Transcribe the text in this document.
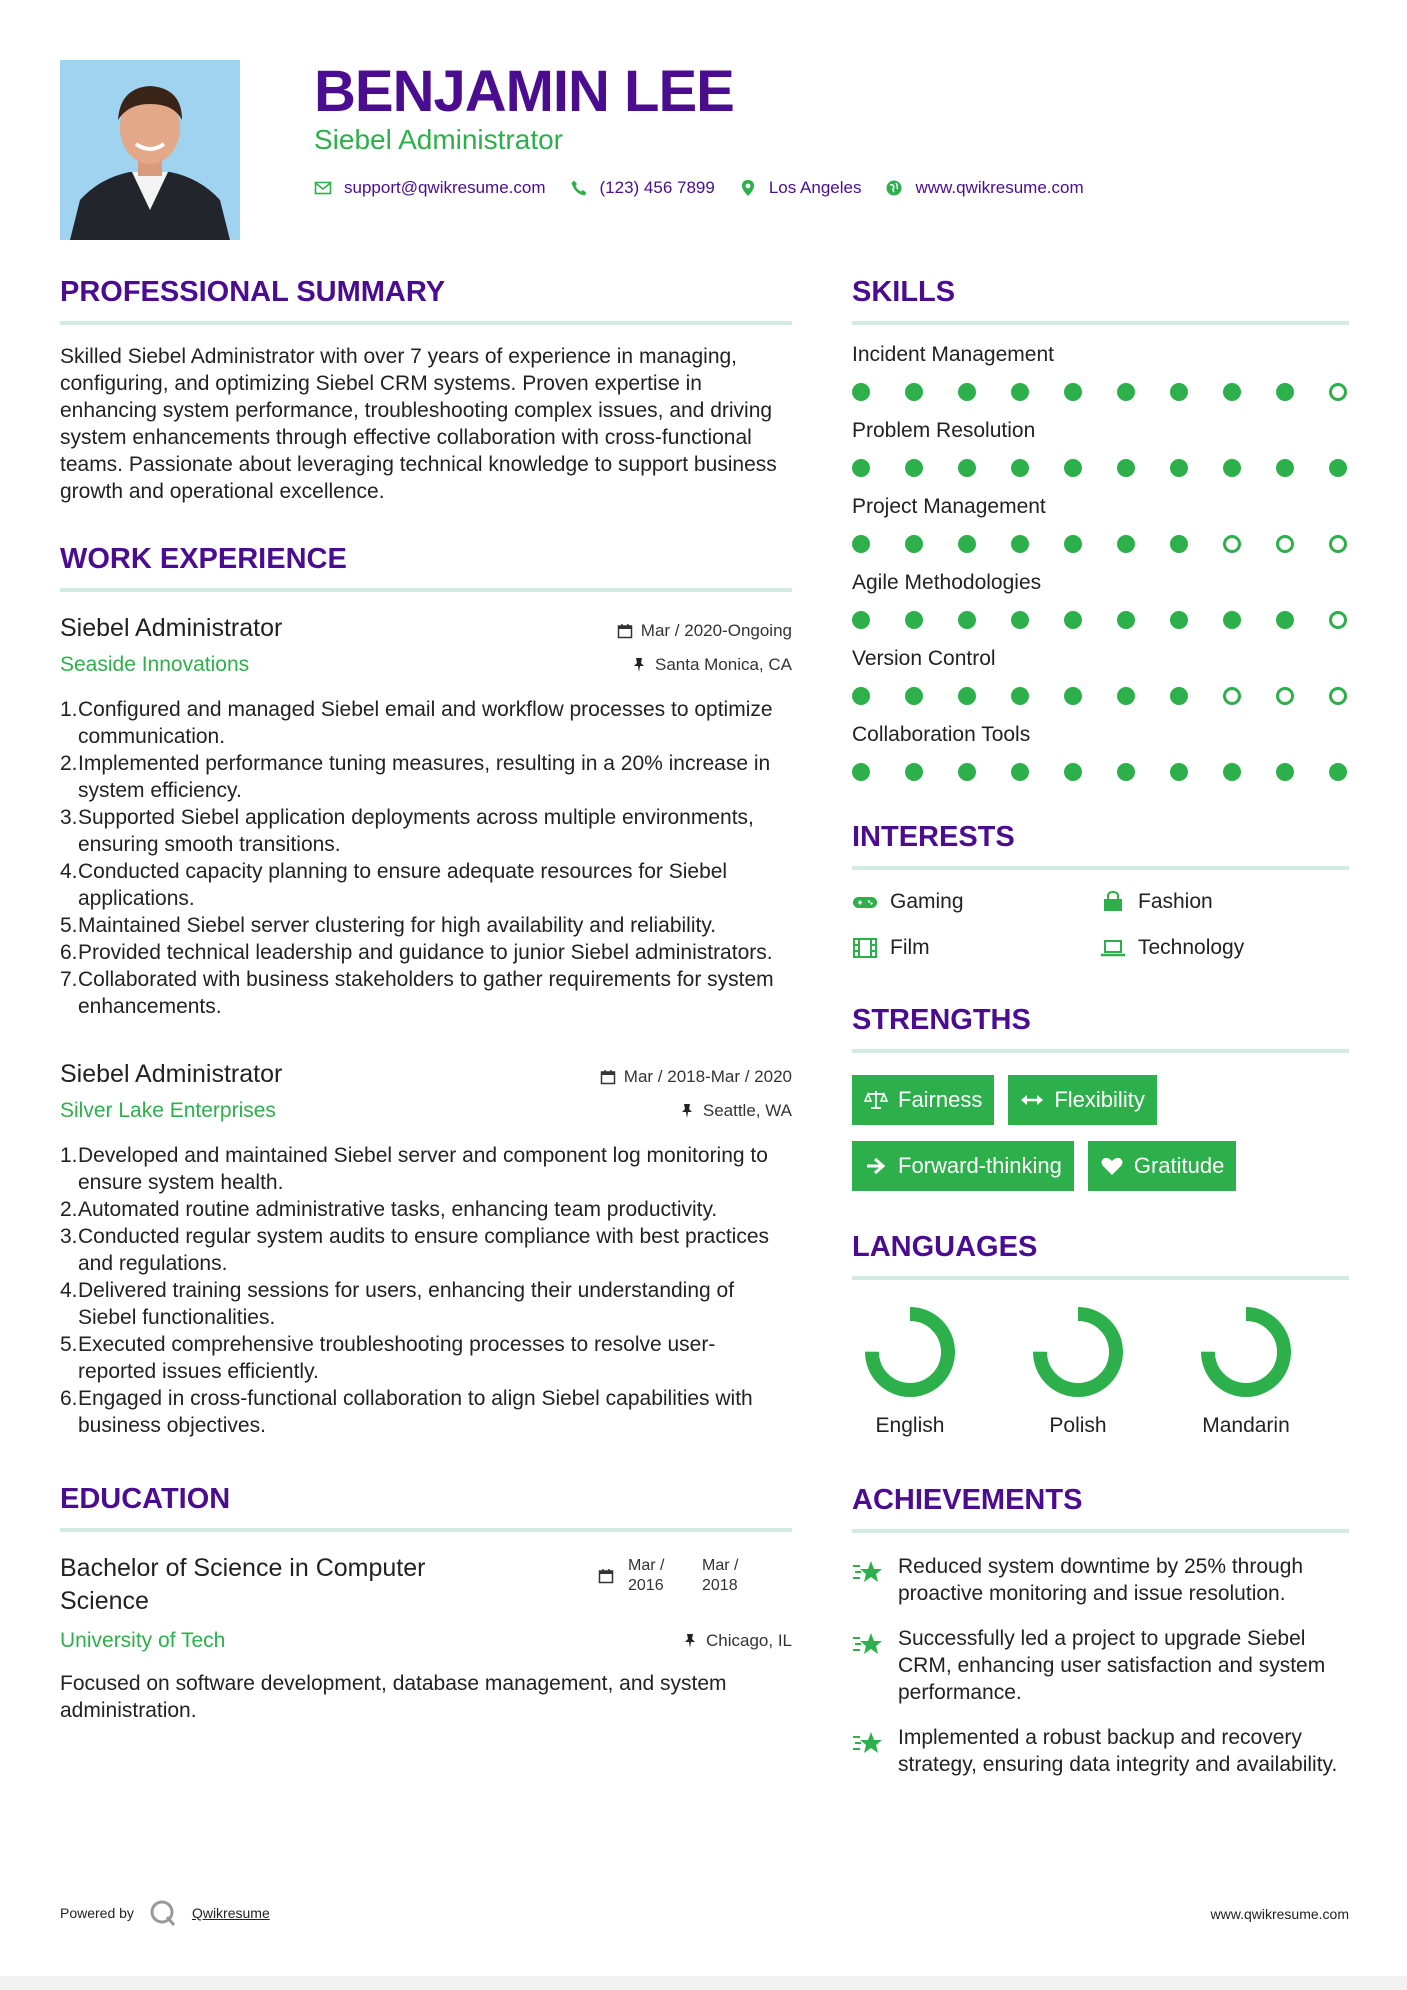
BENJAMIN LEE
Siebel Administrator
support@qwikresume.com	(123) 456 7899	Los Angeles	www.qwikresume.com
PROFESSIONAL SUMMARY

Skilled Siebel Administrator with over 7 years of experience in managing, configuring, and optimizing Siebel CRM systems. Proven expertise in enhancing system performance, troubleshooting complex issues, and driving system enhancements through effective collaboration with cross-functional teams. Passionate about leveraging technical knowledge to support business growth and operational excellence.

WORK EXPERIENCE
Siebel Administrator	Mar / 2020-Ongoing
Seaside Innovations	Santa Monica, CA
1. Configured and managed Siebel email and workflow processes to optimize communication.
2. Implemented performance tuning measures, resulting in a 20% increase in system efficiency.
3. Supported Siebel application deployments across multiple environments, ensuring smooth transitions.
4. Conducted capacity planning to ensure adequate resources for Siebel applications.
5. Maintained Siebel server clustering for high availability and reliability.
6. Provided technical leadership and guidance to junior Siebel administrators.
7. Collaborated with business stakeholders to gather requirements for system enhancements.
Siebel Administrator	Mar / 2018-Mar / 2020
Silver Lake Enterprises	Seattle, WA
1. Developed and maintained Siebel server and component log monitoring to ensure system health.
2. Automated routine administrative tasks, enhancing team productivity.
3. Conducted regular system audits to ensure compliance with best practices and regulations.
4. Delivered training sessions for users, enhancing their understanding of Siebel functionalities.
5. Executed comprehensive troubleshooting processes to resolve user-reported issues efficiently.
6. Engaged in cross-functional collaboration to align Siebel capabilities with business objectives.
EDUCATION
Bachelor of Science in Computer Science
Mar / 2016
Mar / 2018
University of Tech	Chicago, IL

Focused on software development, database management, and system administration.

SKILLS
Incident Management
Problem Resolution
Project Management
Agile Methodologies
Version Control
Collaboration Tools
INTERESTS
Gaming	Fashion
Film	Technology
STRENGTHS
Fairness	Flexibility
Forward-thinking	Gratitude
LANGUAGES
English	Polish	Mandarin
ACHIEVEMENTS
Reduced system downtime by 25% through proactive monitoring and issue resolution.
Successfully led a project to upgrade Siebel CRM, enhancing user satisfaction and system performance.
Implemented a robust backup and recovery strategy, ensuring data integrity and availability.
Powered by	Qwikresume	www.qwikresume.com
